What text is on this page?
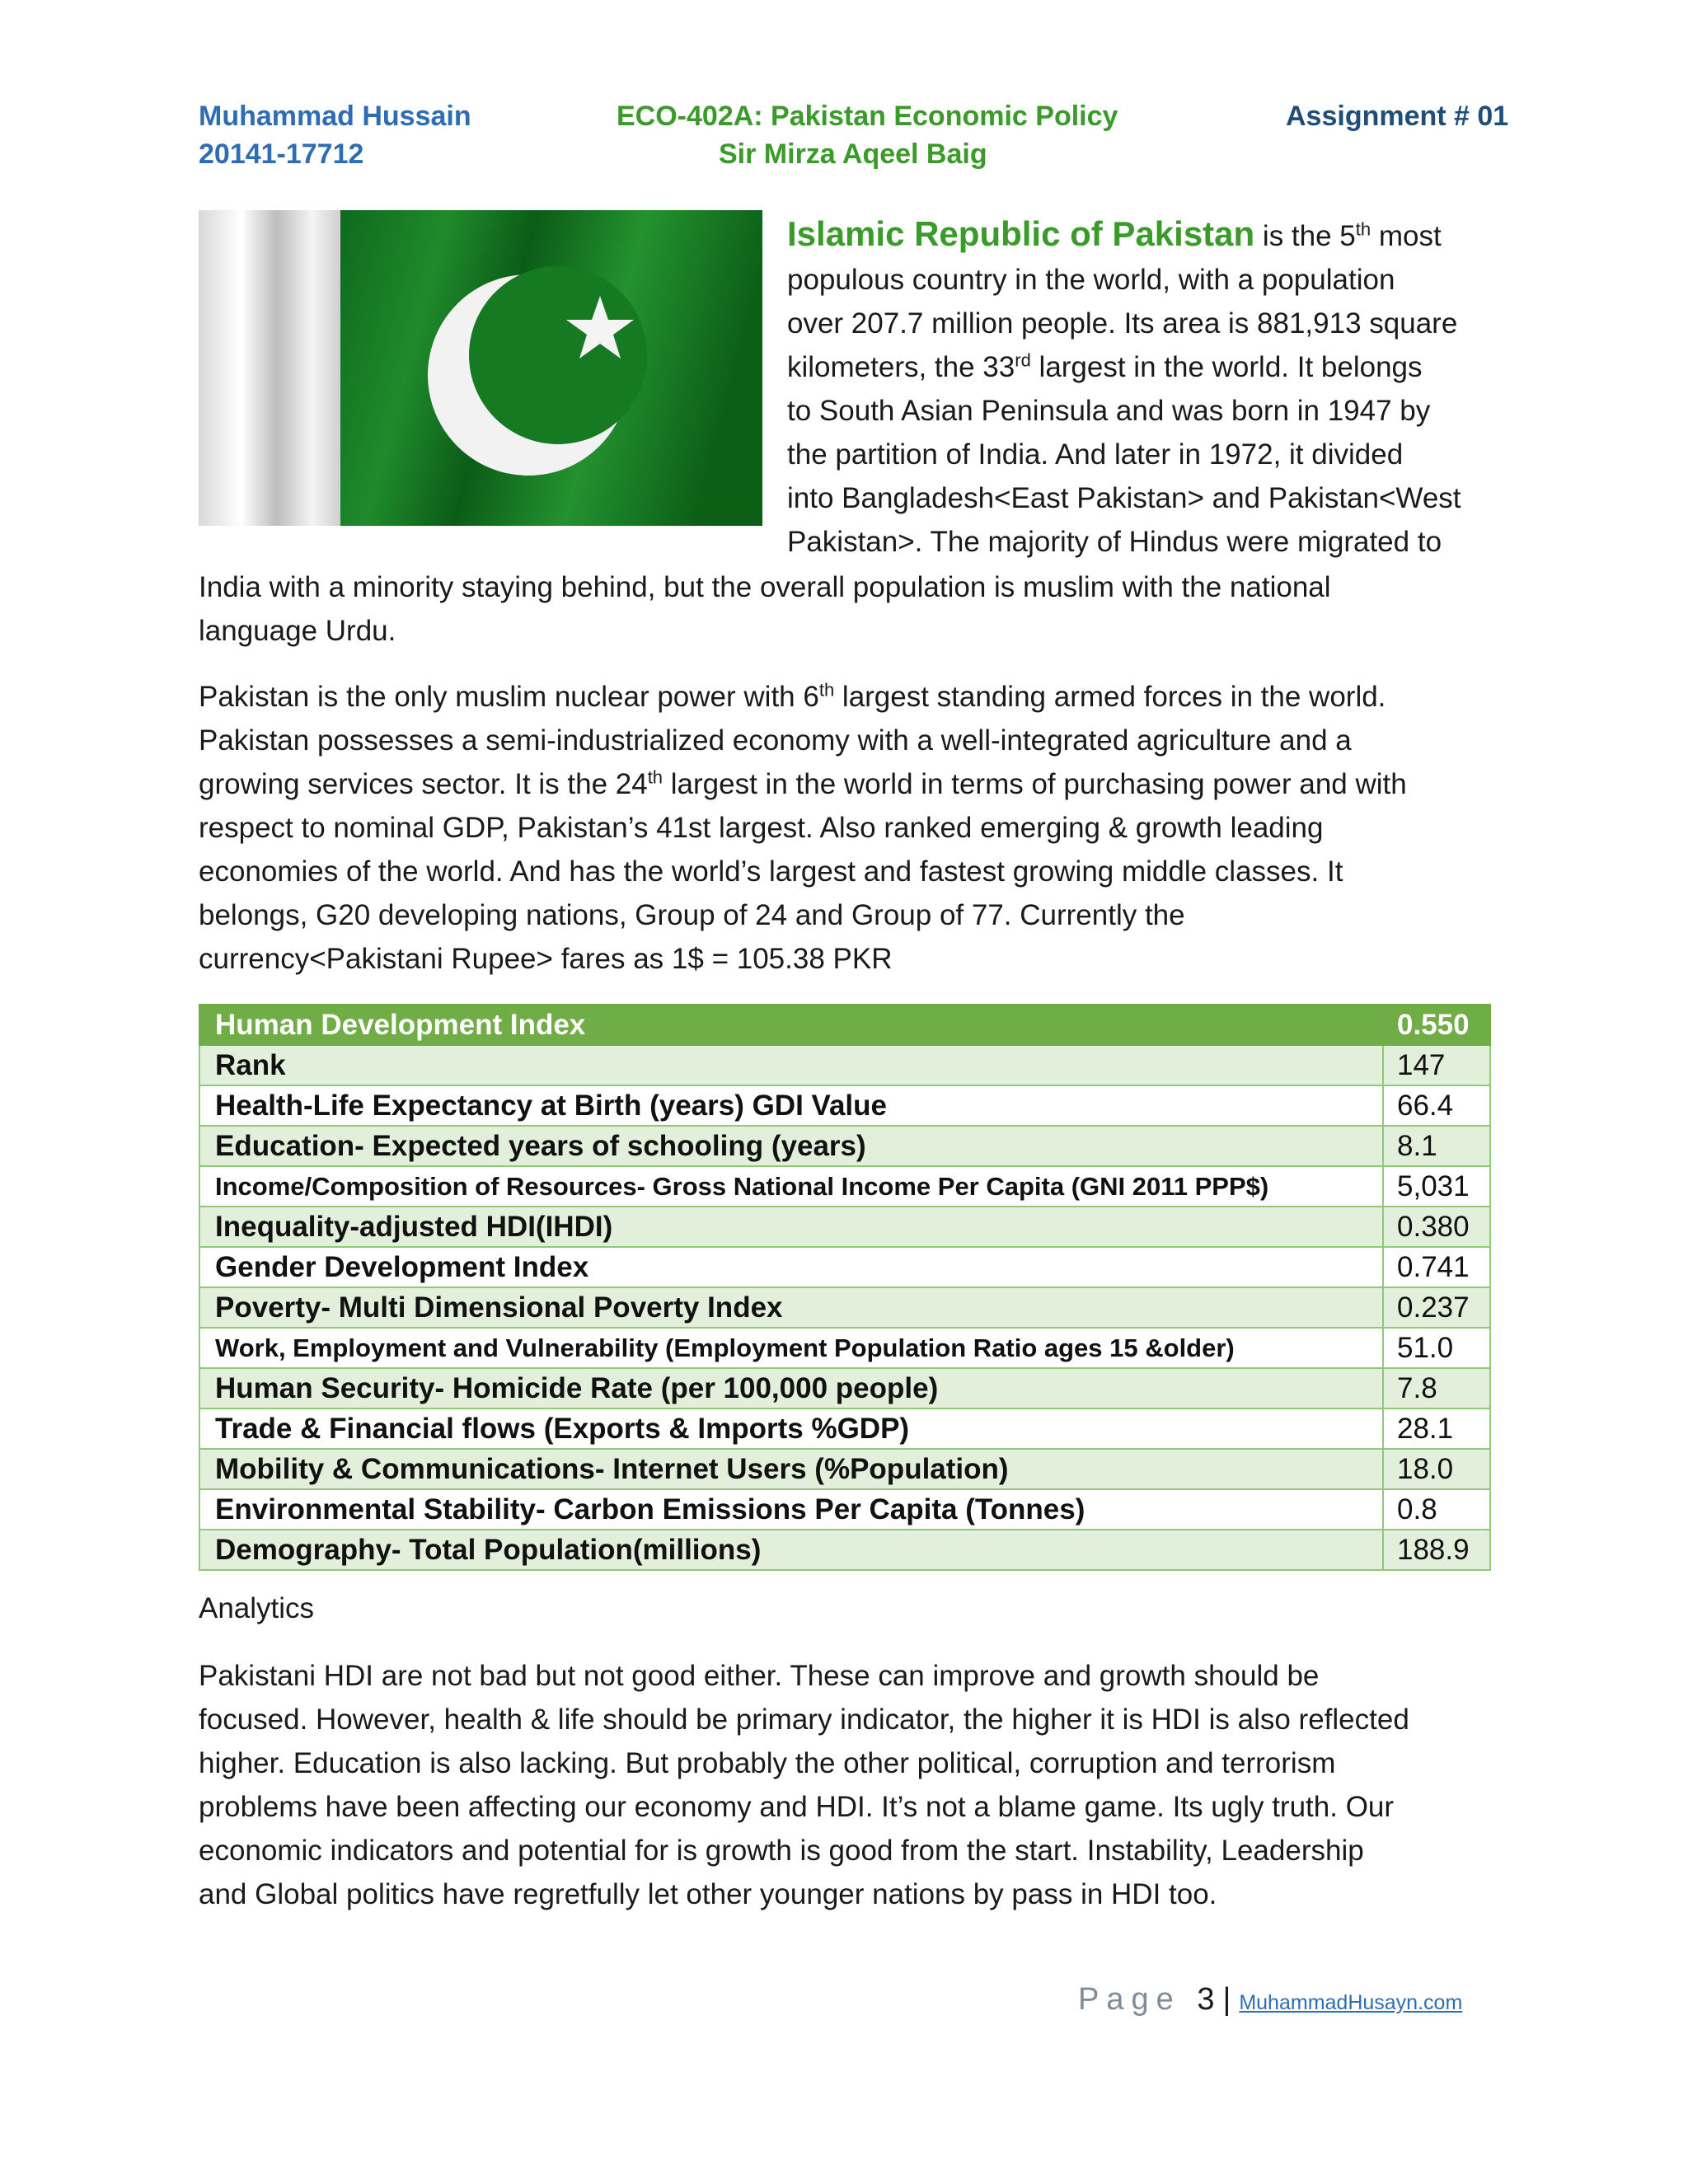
Muhammad Hussain
20141-17712
ECO-402A: Pakistan Economic Policy
Sir Mirza Aqeel Baig
Assignment # 01

Islamic Republic of Pakistan is the 5th most

populous country in the world, with a population

over 207.7 million people. Its area is 881,913 square

kilometers, the 33rd largest in the world. It belongs

to South Asian Peninsula and was born in 1947 by

the partition of India. And later in 1972, it divided

into Bangladesh<East Pakistan> and Pakistan<West

Pakistan>. The majority of Hindus were migrated to

India with a minority staying behind, but the overall population is muslim with the national

language Urdu.

Pakistan is the only muslim nuclear power with 6th largest standing armed forces in the world.

Pakistan possesses a semi-industrialized economy with a well-integrated agriculture and a

growing services sector. It is the 24th largest in the world in terms of purchasing power and with

respect to nominal GDP, Pakistan’s 41st largest. Also ranked emerging & growth leading

economies of the world. And has the world’s largest and fastest growing middle classes. It

belongs, G20 developing nations, Group of 24 and Group of 77. Currently the

currency<Pakistani Rupee> fares as 1$ = 105.38 PKR

Human Development Index	0.550
Rank	147
Health-Life Expectancy at Birth (years) GDI Value	66.4
Education- Expected years of schooling (years)	8.1
Income/Composition of Resources- Gross National Income Per Capita (GNI 2011 PPP$)	5,031
Inequality-adjusted HDI(IHDI)	0.380
Gender Development Index	0.741
Poverty- Multi Dimensional Poverty Index	0.237
Work, Employment and Vulnerability (Employment Population Ratio ages 15 &older)	51.0
Human Security- Homicide Rate (per 100,000 people)	7.8
Trade & Financial flows (Exports & Imports %GDP)	28.1
Mobility & Communications- Internet Users (%Population)	18.0
Environmental Stability- Carbon Emissions Per Capita (Tonnes)	0.8
Demography- Total Population(millions)	188.9
Analytics

Pakistani HDI are not bad but not good either. These can improve and growth should be

focused. However, health & life should be primary indicator, the higher it is HDI is also reflected

higher. Education is also lacking. But probably the other political, corruption and terrorism

problems have been affecting our economy and HDI. It’s not a blame game. Its ugly truth. Our

economic indicators and potential for is growth is good from the start. Instability, Leadership

and Global politics have regretfully let other younger nations by pass in HDI too.

Page 3 | MuhammadHusayn.com
